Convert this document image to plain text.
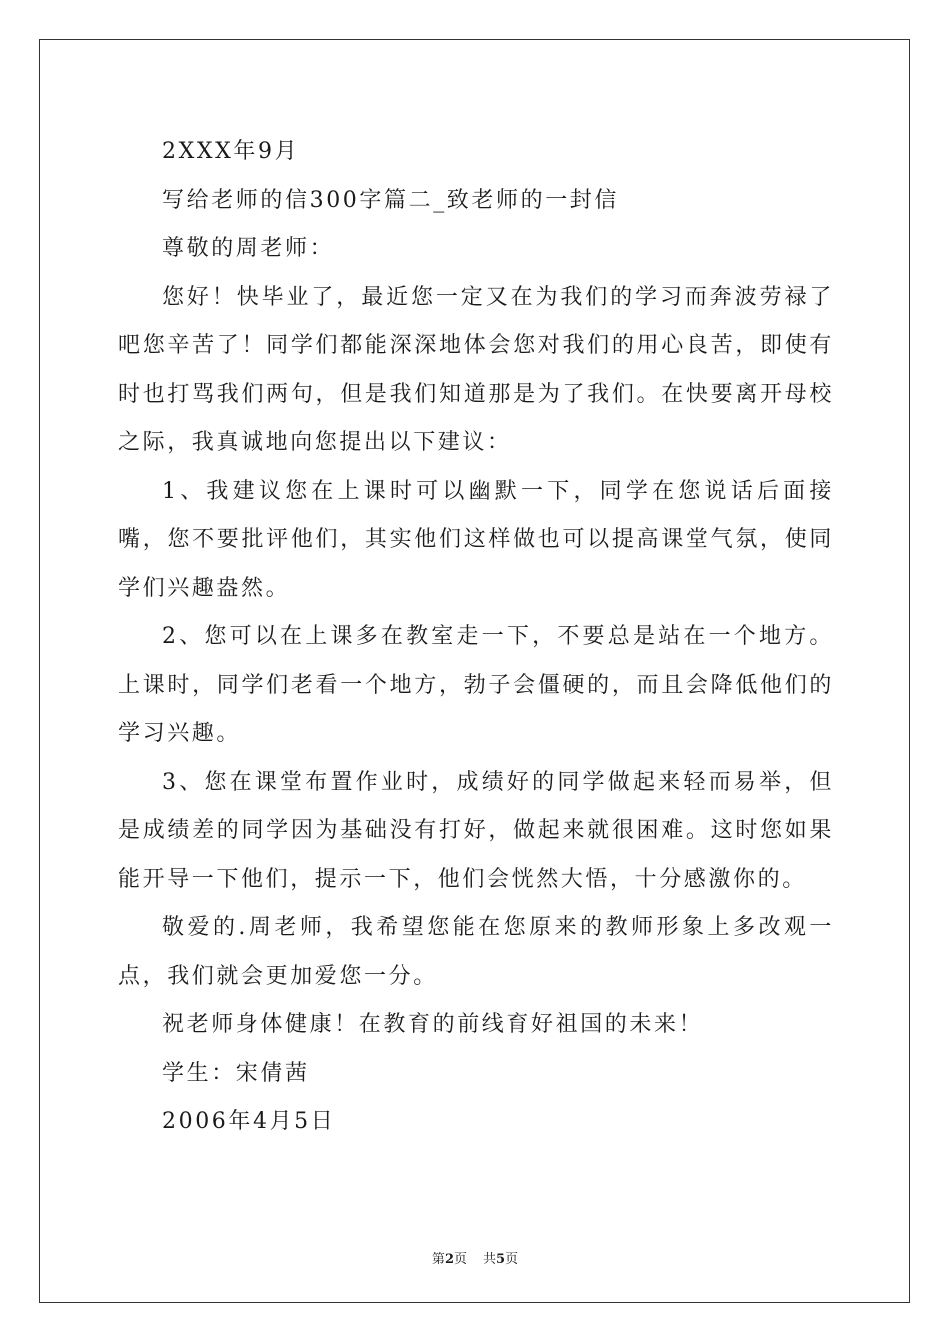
2XXX年9月

写给老师的信300字篇二_致老师的一封信

尊敬的周老师：

您好！快毕业了，最近您一定又在为我们的学习而奔波劳禄了吧您辛苦了！同学们都能深深地体会您对我们的用心良苦，即使有时也打骂我们两句，但是我们知道那是为了我们。在快要离开母校之际，我真诚地向您提出以下建议：

1、我建议您在上课时可以幽默一下，同学在您说话后面接嘴，您不要批评他们，其实他们这样做也可以提高课堂气氛，使同学们兴趣盎然。

2、您可以在上课多在教室走一下，不要总是站在一个地方。上课时，同学们老看一个地方，勃子会僵硬的，而且会降低他们的学习兴趣。

3、您在课堂布置作业时，成绩好的同学做起来轻而易举，但是成绩差的同学因为基础没有打好，做起来就很困难。这时您如果能开导一下他们，提示一下，他们会恍然大悟，十分感激你的。

敬爱的.周老师，我希望您能在您原来的教师形象上多改观一点，我们就会更加爱您一分。

祝老师身体健康！在教育的前线育好祖国的未来！

学生：宋倩茜

2006年4月5日

第2页 共5页
